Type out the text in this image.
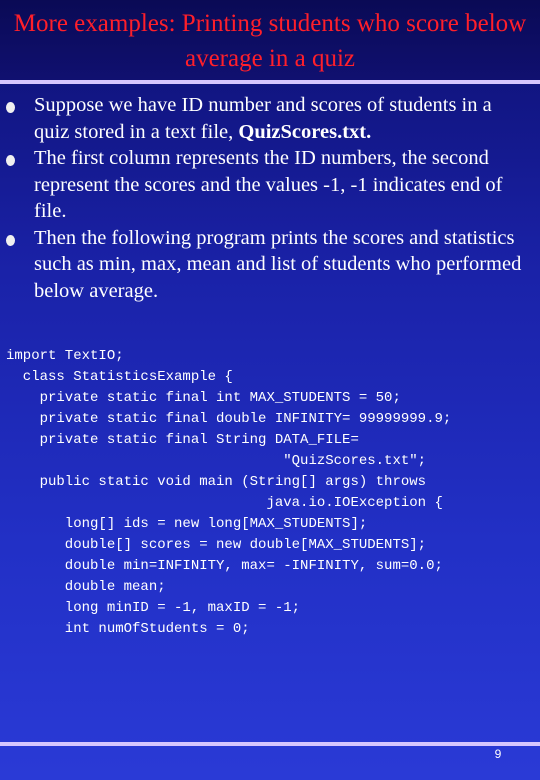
More examples: Printing students who score below average in a quiz
Suppose we have ID number and scores of students in a quiz stored in a text file, QuizScores.txt.
The first column represents the ID numbers, the second represent the scores and the values -1, -1 indicates end of file.
Then the following program prints the scores and statistics such as min, max, mean and list of students who performed below average.
import TextIO;
class StatisticsExample {
private static final int MAX_STUDENTS = 50;
private static final double INFINITY= 99999999.9;
private static final String DATA_FILE=
"QuizScores.txt";
public static void main (String[] args) throws
java.io.IOException {
long[] ids = new long[MAX_STUDENTS];
double[] scores = new double[MAX_STUDENTS];
double min=INFINITY, max= -INFINITY, sum=0.0;
double mean;
long minID = -1, maxID = -1;
int numOfStudents = 0;
9
